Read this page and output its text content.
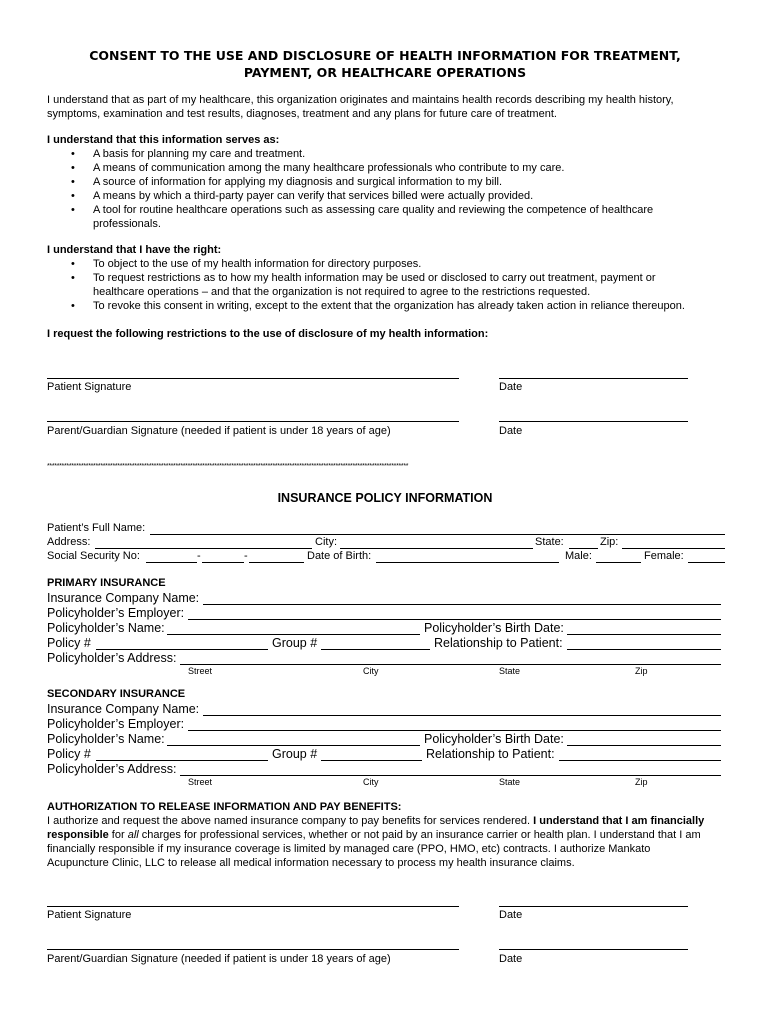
CONSENT TO THE USE AND DISCLOSURE OF HEALTH INFORMATION FOR TREATMENT,
PAYMENT, OR HEALTHCARE OPERATIONS
I understand that as part of my healthcare, this organization originates and maintains health records describing my health history,
symptoms, examination and test results, diagnoses, treatment and any plans for future care of treatment.
I understand that this information serves as:
• A basis for planning my care and treatment.
• A means of communication among the many healthcare professionals who contribute to my care.
• A source of information for applying my diagnosis and surgical information to my bill.
• A means by which a third-party payer can verify that services billed were actually provided.
• A tool for routine healthcare operations such as assessing care quality and reviewing the competence of healthcare
professionals.
I understand that I have the right:
• To object to the use of my health information for directory purposes.
• To request restrictions as to how my health information may be used or disclosed to carry out treatment, payment or
healthcare operations – and that the organization is not required to agree to the restrictions requested.
• To revoke this consent in writing, except to the extent that the organization has already taken action in reliance thereupon.
I request the following restrictions to the use of disclosure of my health information:
Patient Signature	Date
Parent/Guardian Signature (needed if patient is under 18 years of age)	Date
*****************************************************************************************************************************************************
INSURANCE POLICY INFORMATION
Patient’s Full Name:
Address:	City:	State:	Zip:
Social Security No:	-	-	Date of Birth:	Male:	Female:
PRIMARY INSURANCE
Insurance Company Name:
Policyholder’s Employer:
Policyholder’s Name:	Policyholder’s Birth Date:
Policy #	Group #	Relationship to Patient:
Policyholder’s Address:
Street	City	State	Zip
SECONDARY INSURANCE
Insurance Company Name:
Policyholder’s Employer:
Policyholder’s Name:	Policyholder’s Birth Date:
Policy #	Group #	Relationship to Patient:
Policyholder’s Address:
Street	City	State	Zip
AUTHORIZATION TO RELEASE INFORMATION AND PAY BENEFITS:
I authorize and request the above named insurance company to pay benefits for services rendered. I understand that I am financially
responsible for all charges for professional services, whether or not paid by an insurance carrier or health plan. I understand that I am
financially responsible if my insurance coverage is limited by managed care (PPO, HMO, etc) contracts. I authorize Mankato
Acupuncture Clinic, LLC to release all medical information necessary to process my health insurance claims.
Patient Signature	Date
Parent/Guardian Signature (needed if patient is under 18 years of age)	Date
